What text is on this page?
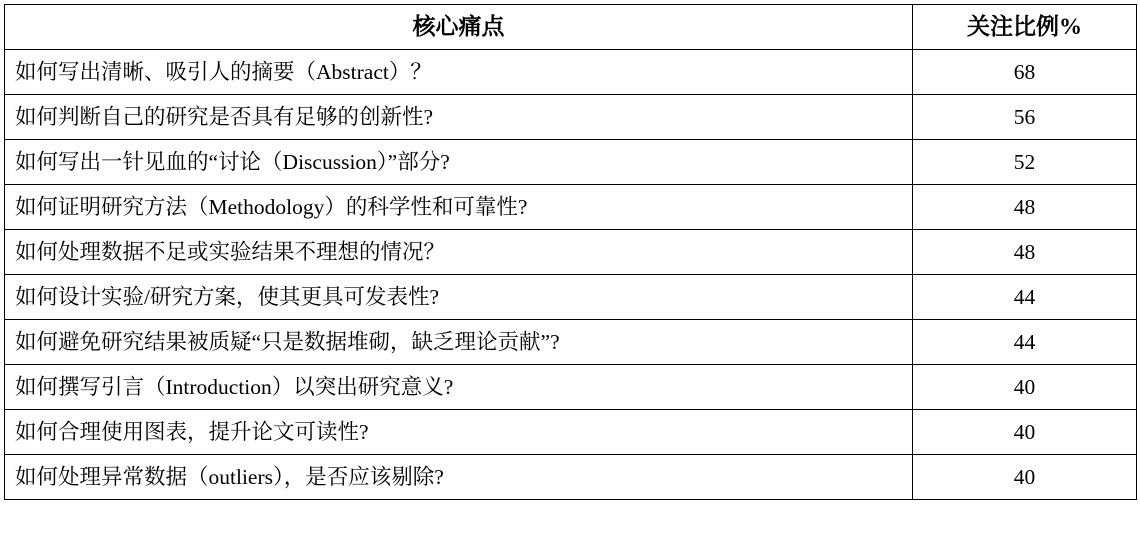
核心痛点	关注比例%
如何写出清晰、吸引人的摘要（Abstract）？	68
如何判断自己的研究是否具有足够的创新性?	56
如何写出一针见血的“讨论（Discussion）”部分?	52
如何证明研究方法（Methodology）的科学性和可靠性?	48
如何处理数据不足或实验结果不理想的情况？	48
如何设计实验/研究方案，使其更具可发表性?	44
如何避免研究结果被质疑“只是数据堆砌，缺乏理论贡献”?	44
如何撰写引言（Introduction）以突出研究意义?	40
如何合理使用图表，提升论文可读性?	40
如何处理异常数据（outliers），是否应该剔除?	40
